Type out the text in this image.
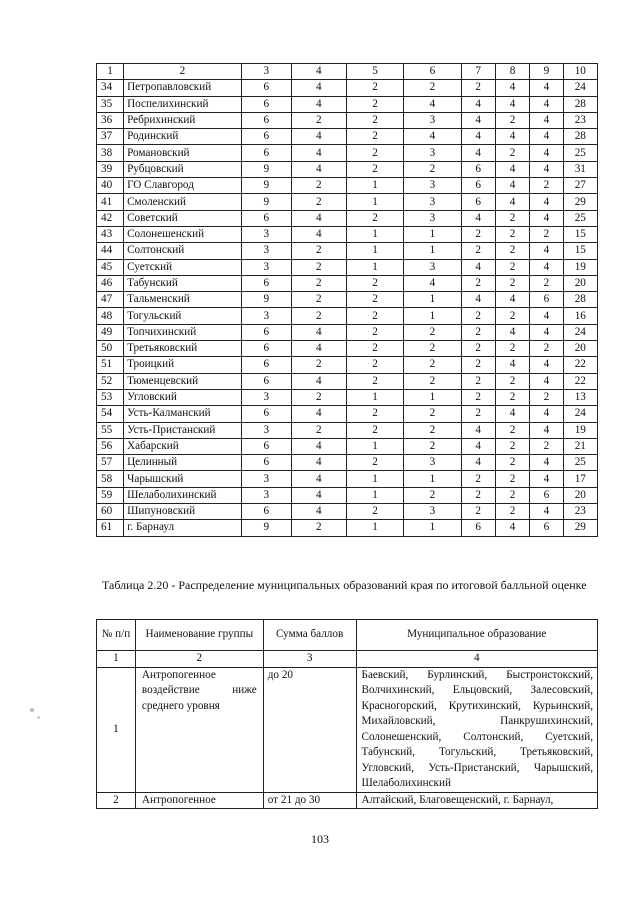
1	2	3	4	5	6	7	8	9	10
34	Петропавловский	6	4	2	2	2	4	4	24
35	Поспелихинский	6	4	2	4	4	4	4	28
36	Ребрихинский	6	2	2	3	4	2	4	23
37	Родинский	6	4	2	4	4	4	4	28
38	Романовский	6	4	2	3	4	2	4	25
39	Рубцовский	9	4	2	2	6	4	4	31
40	ГО Славгород	9	2	1	3	6	4	2	27
41	Смоленский	9	2	1	3	6	4	4	29
42	Советский	6	4	2	3	4	2	4	25
43	Солонешенский	3	4	1	1	2	2	2	15
44	Солтонский	3	2	1	1	2	2	4	15
45	Суетский	3	2	1	3	4	2	4	19
46	Табунский	6	2	2	4	2	2	2	20
47	Тальменский	9	2	2	1	4	4	6	28
48	Тогульский	3	2	2	1	2	2	4	16
49	Топчихинский	6	4	2	2	2	4	4	24
50	Третьяковский	6	4	2	2	2	2	2	20
51	Троицкий	6	2	2	2	2	4	4	22
52	Тюменцевский	6	4	2	2	2	2	4	22
53	Угловский	3	2	1	1	2	2	2	13
54	Усть-Калманский	6	4	2	2	2	4	4	24
55	Усть-Пристанский	3	2	2	2	4	2	4	19
56	Хабарский	6	4	1	2	4	2	2	21
57	Целинный	6	4	2	3	4	2	4	25
58	Чарышский	3	4	1	1	2	2	4	17
59	Шелаболихинский	3	4	1	2	2	2	6	20
60	Шипуновский	6	4	2	3	2	2	4	23
61	г. Барнаул	9	2	1	1	6	4	6	29
Таблица 2.20 - Распределение муниципальных образований края по итоговой балльной оценке
№ п/п	Наименование группы	Сумма баллов	Муниципальное образование
1	2	3	4
1	Антропогенное воздействие ниже среднего уровня	до 20	Баевский, Бурлинский, Быстроистокский, Волчихинский, Ельцовский, Залесовский, Красногорский, Крутихинский, Курьинский, Михайловский, Панкрушихинский, Солонешенский, Солтонский, Суетский, Табунский, Тогульский, Третьяковский, Угловский, Усть-Пристанский, Чарышский, Шелаболихинский
2	Антропогенное	от 21 до 30	Алтайский, Благовещенский, г. Барнаул,
103
